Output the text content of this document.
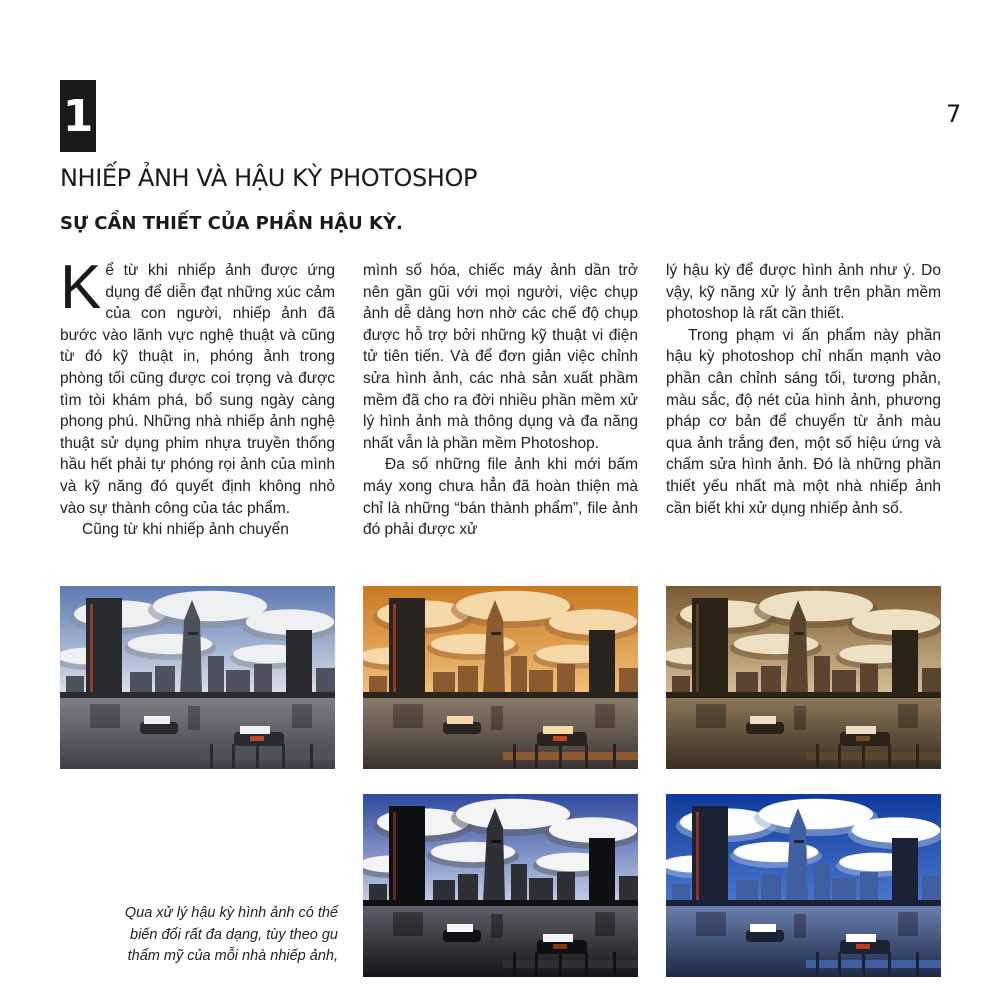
1	7
NHIẾP ẢNH VÀ HẬU KỲ PHOTOSHOP
SỰ CẦN THIẾT CỦA PHẦN HẬU KỲ.

Kể từ khi nhiếp ảnh được ứng dụng để diễn đạt những xúc cảm của con người, nhiếp ảnh đã bước vào lãnh vực nghệ thuật và cũng từ đó kỹ thuật in, phóng ảnh trong phòng tối cũng được coi trọng và được tìm tòi khám phá, bổ sung ngày càng phong phú. Những nhà nhiếp ảnh nghệ thuật sử dụng phim nhựa truyền thống hầu hết phải tự phóng rọi ảnh của mình và kỹ năng đó quyết định không nhỏ vào sự thành công của tác phẩm.

Cũng từ khi nhiếp ảnh chuyển

mình số hóa, chiếc máy ảnh dần trở nên gần gũi với mọi người, việc chụp ảnh dễ dàng hơn nhờ các chế độ chụp được hỗ trợ bởi những kỹ thuật vi điện tử tiên tiến. Và để đơn giản việc chỉnh sửa hình ảnh, các nhà sản xuất phầm mềm đã cho ra đời nhiều phần mềm xử lý hình ảnh mà thông dụng và đa năng nhất vẫn là phần mềm Photoshop.

Đa số những file ảnh khi mới bấm máy xong chưa hẳn đã hoàn thiện mà chỉ là những “bán thành phẩm”, file ảnh đó phải được xử

lý hậu kỳ để được hình ảnh như ý. Do vậy, kỹ năng xử lý ảnh trên phần mềm photoshop là rất cần thiết.

Trong phạm vi ấn phẩm này phần hậu kỳ photoshop chỉ nhấn mạnh vào phần cân chỉnh sáng tối, tương phản, màu sắc, độ nét của hình ảnh, phương pháp cơ bản để chuyển từ ảnh màu qua ảnh trắng đen, một số hiệu ứng và chấm sửa hình ảnh. Đó là những phần thiết yếu nhất mà một nhà nhiếp ảnh cần biết khi xử dụng nhiếp ảnh số.

Qua xử lý hậu kỳ hình ảnh có thể
biến đổi rất đa dạng, tùy theo gu
thẩm mỹ của mỗi nhà nhiếp ảnh,
